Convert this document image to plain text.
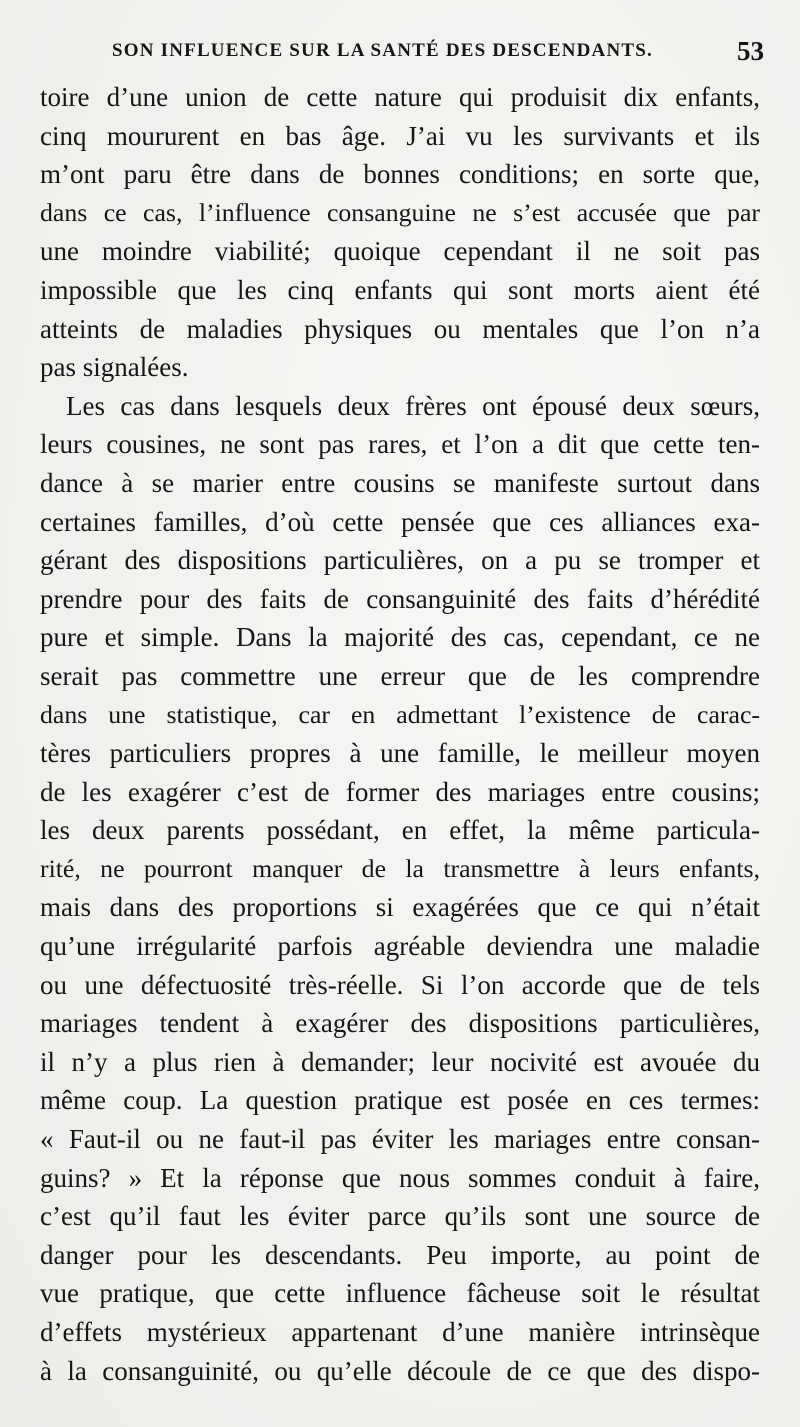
SON INFLUENCE SUR LA SANTÉ DES DESCENDANTS.	53
toire d’une union de cette nature qui produisit dix enfants,
cinq moururent en bas âge. J’ai vu les survivants et ils
m’ont paru être dans de bonnes conditions; en sorte que,
dans ce cas, l’influence consanguine ne s’est accusée que par
une moindre viabilité; quoique cependant il ne soit pas
impossible que les cinq enfants qui sont morts aient été
atteints de maladies physiques ou mentales que l’on n’a
pas signalées.
Les cas dans lesquels deux frères ont épousé deux sœurs,
leurs cousines, ne sont pas rares, et l’on a dit que cette ten-
dance à se marier entre cousins se manifeste surtout dans
certaines familles, d’où cette pensée que ces alliances exa-
gérant des dispositions particulières, on a pu se tromper et
prendre pour des faits de consanguinité des faits d’hérédité
pure et simple. Dans la majorité des cas, cependant, ce ne
serait pas commettre une erreur que de les comprendre
dans une statistique, car en admettant l’existence de carac-
tères particuliers propres à une famille, le meilleur moyen
de les exagérer c’est de former des mariages entre cousins;
les deux parents possédant, en effet, la même particula-
rité, ne pourront manquer de la transmettre à leurs enfants,
mais dans des proportions si exagérées que ce qui n’était
qu’une irrégularité parfois agréable deviendra une maladie
ou une défectuosité très-réelle. Si l’on accorde que de tels
mariages tendent à exagérer des dispositions particulières,
il n’y a plus rien à demander; leur nocivité est avouée du
même coup. La question pratique est posée en ces termes:
« Faut-il ou ne faut-il pas éviter les mariages entre consan-
guins? » Et la réponse que nous sommes conduit à faire,
c’est qu’il faut les éviter parce qu’ils sont une source de
danger pour les descendants. Peu importe, au point de
vue pratique, que cette influence fâcheuse soit le résultat
d’effets mystérieux appartenant d’une manière intrinsèque
à la consanguinité, ou qu’elle découle de ce que des dispo-
